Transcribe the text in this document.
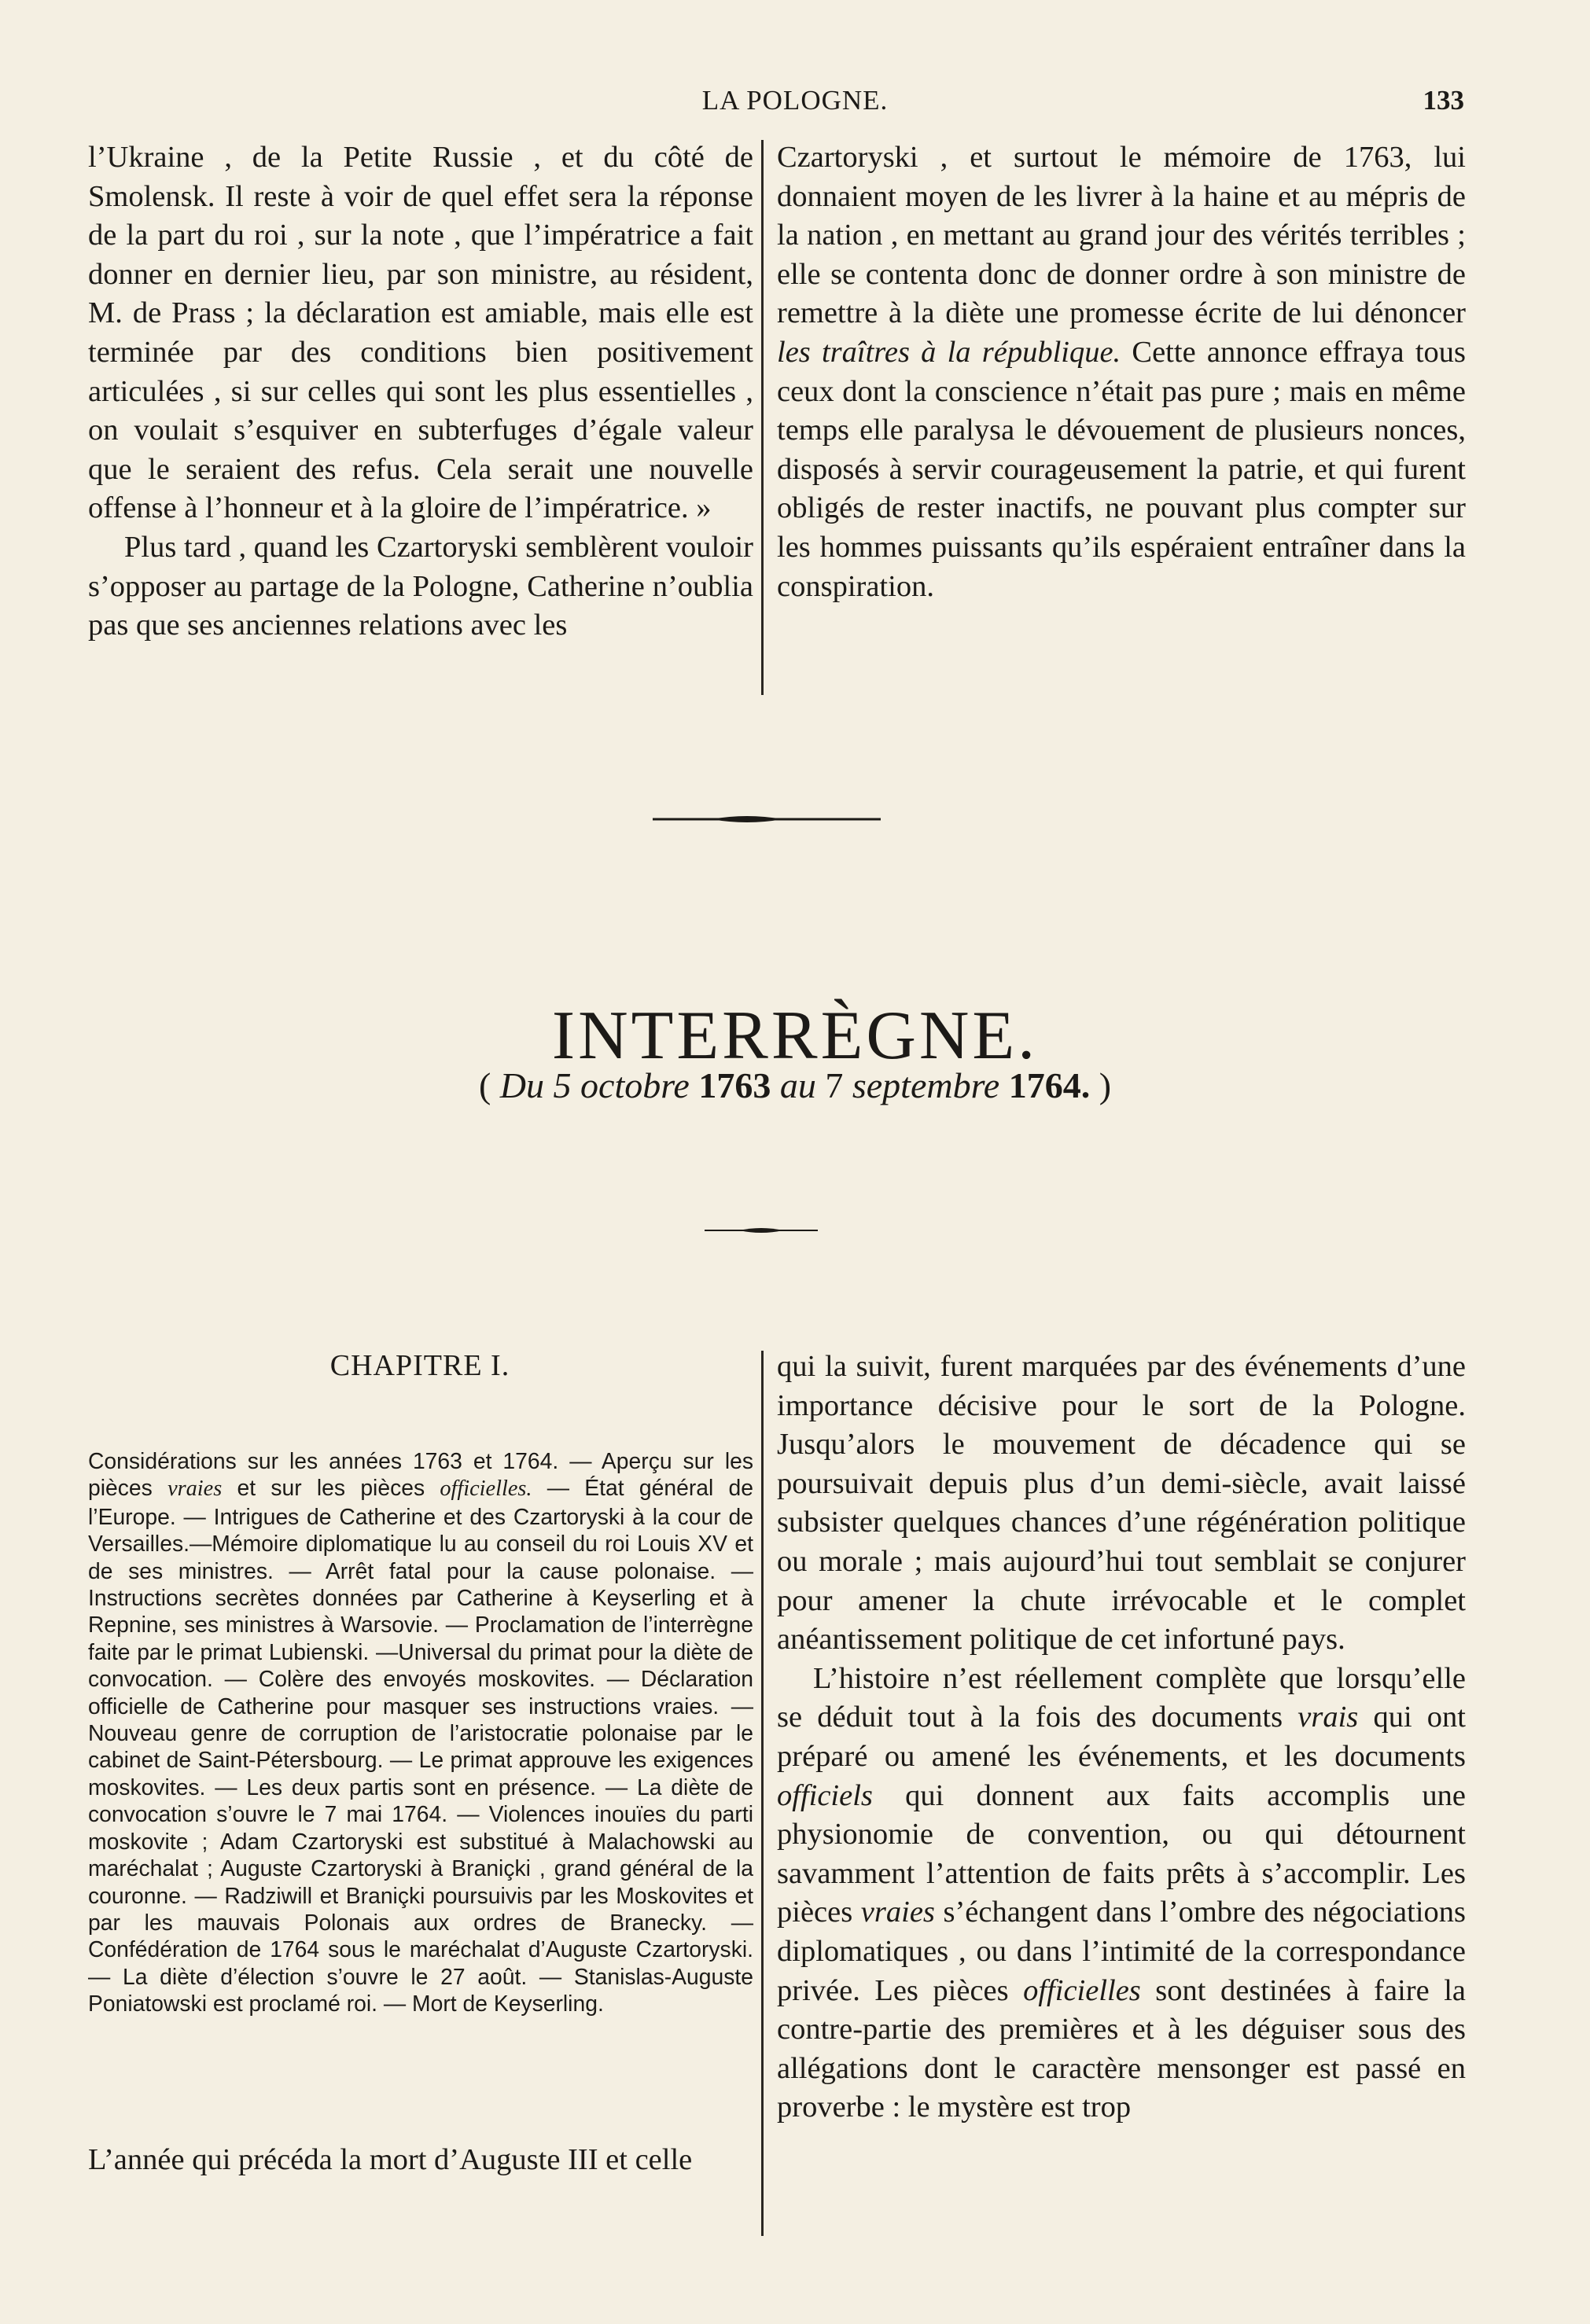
LA POLOGNE.	133

l’Ukraine , de la Petite Russie , et du côté de Smolensk. Il reste à voir de quel effet sera la réponse de la part du roi , sur la note , que l’impératrice a fait donner en dernier lieu, par son ministre, au résident, M. de Prass ; la déclaration est amiable, mais elle est terminée par des conditions bien positivement articulées , si sur celles qui sont les plus essentielles , on voulait s’esquiver en subterfuges d’égale valeur que le seraient des refus. Cela serait une nouvelle offense à l’honneur et à la gloire de l’impératrice. »

Plus tard , quand les Czartoryski semblèrent vouloir s’opposer au partage de la Pologne, Catherine n’oublia pas que ses anciennes relations avec les

Czartoryski , et surtout le mémoire de 1763, lui donnaient moyen de les livrer à la haine et au mépris de la nation , en mettant au grand jour des vérités terribles ; elle se contenta donc de donner ordre à son ministre de remettre à la diète une promesse écrite de lui dénoncer les traîtres à la république. Cette annonce effraya tous ceux dont la conscience n’était pas pure ; mais en même temps elle paralysa le dévouement de plusieurs nonces, disposés à servir courageusement la patrie, et qui furent obligés de rester inactifs, ne pouvant plus compter sur les hommes puissants qu’ils espéraient entraîner dans la conspiration.

INTERRÈGNE.
( Du 5 octobre 1763 au 7 septembre 1764. )
CHAPITRE I.
Considérations sur les années 1763 et 1764. — Aperçu sur les pièces vraies et sur les pièces officielles. — État général de l’Europe. — Intrigues de Catherine et des Czartoryski à la cour de Versailles.—Mémoire diplomatique lu au conseil du roi Louis XV et de ses ministres. — Arrêt fatal pour la cause polonaise. — Instructions secrètes données par Catherine à Keyserling et à Repnine, ses ministres à Warsovie. — Proclamation de l’interrègne faite par le primat Lubienski. —Universal du primat pour la diète de convocation. — Colère des envoyés moskovites. — Déclaration officielle de Catherine pour masquer ses instructions vraies. — Nouveau genre de corruption de l’aristocratie polonaise par le cabinet de Saint-Pétersbourg. — Le primat approuve les exigences moskovites. — Les deux partis sont en présence. — La diète de convocation s’ouvre le 7 mai 1764. — Violences inouïes du parti moskovite ; Adam Czartoryski est substitué à Malachowski au maréchalat ; Auguste Czartoryski à Braniçki , grand général de la couronne. — Radziwill et Braniçki poursuivis par les Moskovites et par les mauvais Polonais aux ordres de Branecky. — Confédération de 1764 sous le maréchalat d’Auguste Czartoryski. — La diète d’élection s’ouvre le 27 août. — Stanislas-Auguste Poniatowski est proclamé roi. — Mort de Keyserling.

L’année qui précéda la mort d’Auguste III et celle

qui la suivit, furent marquées par des événements d’une importance décisive pour le sort de la Pologne. Jusqu’alors le mouvement de décadence qui se poursuivait depuis plus d’un demi-siècle, avait laissé subsister quelques chances d’une régénération politique ou morale ; mais aujourd’hui tout semblait se conjurer pour amener la chute irrévocable et le complet anéantissement politique de cet infortuné pays.

L’histoire n’est réellement complète que lorsqu’elle se déduit tout à la fois des documents vrais qui ont préparé ou amené les événements, et les documents officiels qui donnent aux faits accomplis une physionomie de convention, ou qui détournent savamment l’attention de faits prêts à s’accomplir. Les pièces vraies s’échangent dans l’ombre des négociations diplomatiques , ou dans l’intimité de la correspondance privée. Les pièces officielles sont destinées à faire la contre-partie des premières et à les déguiser sous des allégations dont le caractère mensonger est passé en proverbe : le mystère est trop
